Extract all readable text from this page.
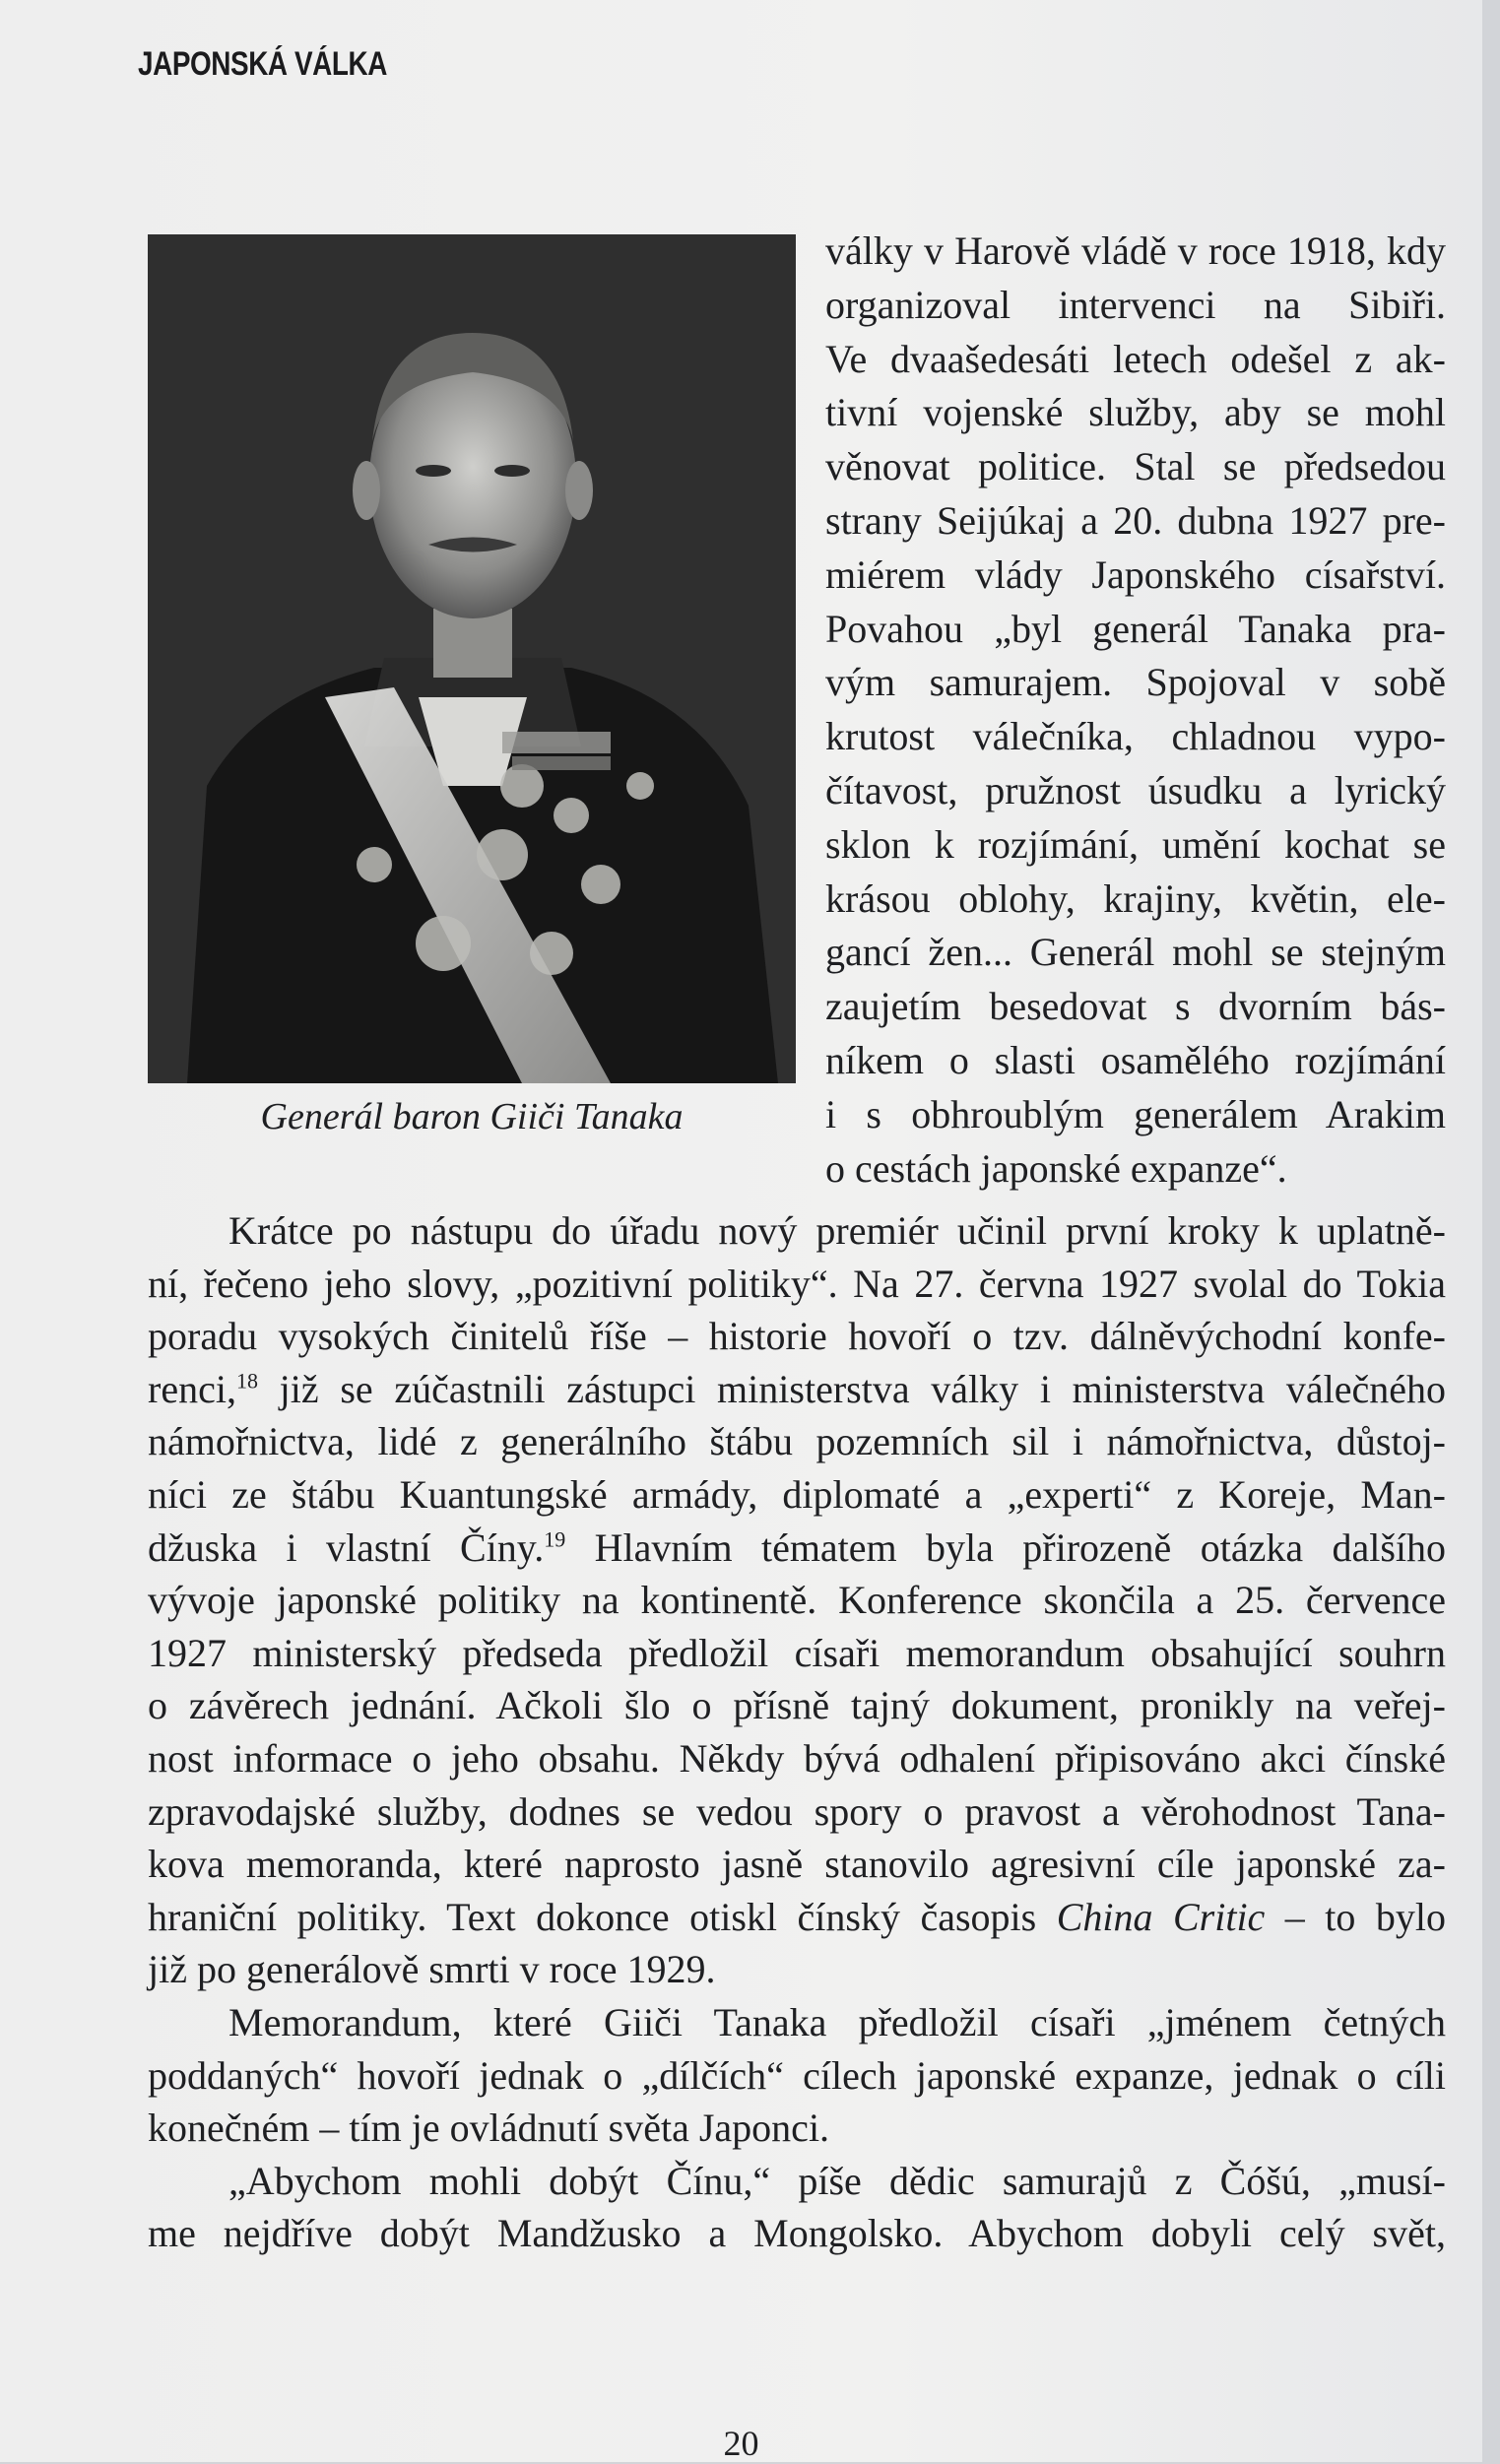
JAPONSKÁ VÁLKA
Generál baron Giiči Tanaka
války v Harově vládě v roce 1918, kdy
organizoval intervenci na Sibiři.
Ve dvaašedesáti letech odešel z ak-
tivní vojenské služby, aby se mohl
věnovat politice. Stal se předsedou
strany Seijúkaj a 20. dubna 1927 pre-
miérem vlády Japonského císařství.
Povahou „byl generál Tanaka pra-
vým samurajem. Spojoval v sobě
krutost válečníka, chladnou vypo-
čítavost, pružnost úsudku a lyrický
sklon k rozjímání, umění kochat se
krásou oblohy, krajiny, květin, ele-
gancí žen... Generál mohl se stejným
zaujetím besedovat s dvorním bás-
níkem o slasti osamělého rozjímání
i s obhroublým generálem Arakim
o cestách japonské expanze“.
Krátce po nástupu do úřadu nový premiér učinil první kroky k uplatně-
ní, řečeno jeho slovy, „pozitivní politiky“. Na 27. června 1927 svolal do Tokia
poradu vysokých činitelů říše – historie hovoří o tzv. dálněvýchodní konfe-
renci,$^{18}$ již se zúčastnili zástupci ministerstva války i ministerstva válečného
námořnictva, lidé z generálního štábu pozemních sil i námořnictva, důstoj-
níci ze štábu Kuantungské armády, diplomaté a „experti“ z Koreje, Man-
džuska i vlastní Číny.$^{19}$ Hlavním tématem byla přirozeně otázka dalšího
vývoje japonské politiky na kontinentě. Konference skončila a 25. července
1927 ministerský předseda předložil císaři memorandum obsahující souhrn
o závěrech jednání. Ačkoli šlo o přísně tajný dokument, pronikly na veřej-
nost informace o jeho obsahu. Někdy bývá odhalení připisováno akci čínské
zpravodajské služby, dodnes se vedou spory o pravost a věrohodnost Tana-
kova memoranda, které naprosto jasně stanovilo agresivní cíle japonské za-
hraniční politiky. Text dokonce otiskl čínský časopis China Critic – to bylo
již po generálově smrti v roce 1929.
Memorandum, které Giiči Tanaka předložil císaři „jménem četných
poddaných“ hovoří jednak o „dílčích“ cílech japonské expanze, jednak o cíli
konečném – tím je ovládnutí světa Japonci.
„Abychom mohli dobýt Čínu,“ píše dědic samurajů z Čóšú, „musí-
me nejdříve dobýt Mandžusko a Mongolsko. Abychom dobyli celý svět,
20
